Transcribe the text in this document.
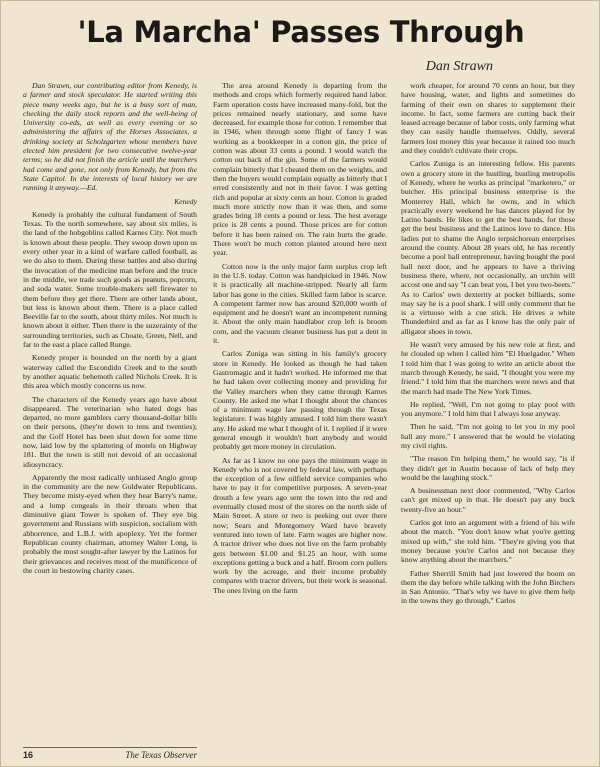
'La Marcha' Passes Through
Dan Strawn

Dan Strawn, our contributing editor from Kenedy, is a farmer and stock speculator. He started writing this piece many weeks ago, but he is a busy sort of man, checking the daily stock reports and the well-being of University co-eds, as well as every evening or so administering the affairs of the Horses Associates, a drinking society at Scholzgarten whose members have elected him president for two consecutive twelve-year terms; so he did not finish the article until the marchers had come and gone, not only from Kenedy, but from the State Capitol. In the interests of local history we are running it anyway.—Ed.

Kenedy

Kenedy is probably the cultural fundament of South Texas. To the north somewhere, say about six miles, is the land of the hobgoblins called Karnes City. Not much is known about these people. They swoop down upon us every other year in a kind of warfare called football, as we do also to them. During these battles and also during the invocation of the medicine man before and the truce in the middle, we trade such goods as peanuts, popcorn, and soda water. Some trouble-makers sell firewater to them before they get there. There are other lands about, but less is known about them. There is a place called Beeville far to the south, about thirty miles. Not much is known about it either. Then there is the suzerainty of the surrounding territories, such as Choate, Green, Nell, and far to the east a place called Runge.

Kenedy proper is bounded on the north by a giant waterway called the Escondido Creek and to the south by another aquatic behemoth called Nichols Creek. It is this area which mostly concerns us now.

The characters of the Kenedy years ago have about disappeared. The veterinarian who hated dogs has departed, no more gamblers carry thousand-dollar bills on their persons, (they're down to tens and twenties); and the Goff Hotel has been shut down for some time now, laid low by the splattering of motels on Highway 181. But the town is still not devoid of an occasional idiosyncracy.

Apparently the most radically unbiased Anglo group in the community are the new Goldwater Republicans. They become misty-eyed when they hear Barry's name, and a lump congeals in their throats when that diminutive giant Tower is spoken of. They eye big government and Russians with suspicion, socialism with abhorrence, and L.B.J. with apoplexy. Yet the former Republican county chairman, attorney Walter Long, is probably the most sought-after lawyer by the Latinos for their grievances and receives most of the munificence of the court in bestowing charity cases.

The area around Kenedy is departing from the methods and crops which formerly required hand labor. Farm operation costs have increased many-fold, but the prices remained nearly stationary, and some have decreased, for example those for cotton. I remember that in 1946, when through some flight of fancy I was working as a bookkeeper in a cotton gin, the price of cotton was about 33 cents a pound. I would watch the cotton out back of the gin. Some of the farmers would complain bitterly that I cheated them on the weights, and then the buyers would complain equally as bitterly that I erred consistently and not in their favor. I was getting rich and popular at sixty cents an hour. Cotton is graded much more strictly now than it was then, and some grades bring 18 cents a pound or less. The best average price is 28 cents a pound. Those prices are for cotton before it has been rained on. The rain hurts the grade. There won't be much cotton planted around here next year.

Cotton now is the only major farm surplus crop left in the U.S. today. Cotton was handpicked in 1946. Now it is practically all machine-stripped. Nearly all farm labor has gone to the cities. Skilled farm labor is scarce. A competent farmer now has around $20,000 worth of equipment and he doesn't want an incompetent running it. About the only main handlabor crop left is broom corn, and the vacuum cleaner business has put a dent in it.

Carlos Zuniga was sitting in his family's grocery store in Kenedy. He looked as though he had taken Gastromagic and it hadn't worked. He informed me that he had taken over collecting money and providing for the Valley marchers when they came through Karnes County. He asked me what I thought about the chances of a minimum wage law passing through the Texas legislature. I was highly amused. I told him there wasn't any. He asked me what I thought of it. I replied if it were general enough it wouldn't hurt anybody and would probably get more money in circulation.

As far as I know no one pays the minimum wage in Kenedy who is not covered by federal law, with perhaps the exception of a few oilfield service companies who have to pay it for competitive purposes. A seven-year drouth a few years ago sent the town into the red and eventually closed most of the stores on the north side of Main Street. A store or two is peeking out over there now; Sears and Montgomery Ward have bravely ventured into town of late. Farm wages are higher now. A tractor driver who does not live on the farm probably gets between $1.00 and $1.25 an hour, with some exceptions getting a buck and a half. Broom corn pullers work by the acreage, and their income probably compares with tractor drivers, but their work is seasonal. The ones living on the farm

work cheaper, for around 70 cents an hour, but they have housing, water, and lights and sometimes do farming of their own on shares to supplement their income. In fact, some farmers are cutting back their leased acreage because of labor costs, only farming what they can easily handle themselves. Oddly, several farmers lost money this year because it rained too much and they couldn't cultivate their crops.

Carlos Zuniga is an interesting fellow. His parents own a grocery store in the hustling, bustling metropolis of Kenedy, where he works as principal "marketero," or butcher. His principal business enterprise is the Monterrey Hall, which he owns, and in which practically every weekend he has dances played for by Latino bands. He likes to get the best bands, for those get the best business and the Latinos love to dance. His ladies put to shame the Anglo terpsichorean enterprises around the county. About 28 years old, he has recently become a pool hall entrepreneur, having bought the pool hall next door, and he appears to have a thriving business there, where, not occasionally, an urchin will accost one and say "I can beat you, I bet you two-beets." As to Carlos' own dexterity at pocket billiards, some may say he is a pool shark. I will only comment that he is a virtuoso with a cue stick. He drives a white Thunderbird and as far as I know has the only pair of alligator shoes in town.

He wasn't very amused by his new role at first, and he clouded up when I called him "El Huelgador." When I told him that I was going to write an article about the march through Kenedy, he said, "I thought you were my friend." I told him that the marchers were news and that the march had made The New York Times.

He replied, "Well, I'm not going to play pool with you anymore." I told him that I always lose anyway.

Then he said, "I'm not going to let you in my pool hall any more." I answered that he would be violating my civil rights.

"The reason I'm helping them," he would say, "is if they didn't get in Austin because of lack of help they would be the laughing stock."

A businessman next door commented, "Why Carlos can't get mixed up in that. He doesn't pay any buck twenty-five an hour."

Carlos got into an argument with a friend of his wife about the march. "You don't know what you're getting mixed up with," she told him. "They're giving you that money because you're Carlos and not because they know anything about the marchers."

Father Sherrill Smith had just lowered the boom on them the day before while talking with the John Birchers in San Antonio. "That's why we have to give them help in the towns they go through," Carlos

16	The Texas Observer
